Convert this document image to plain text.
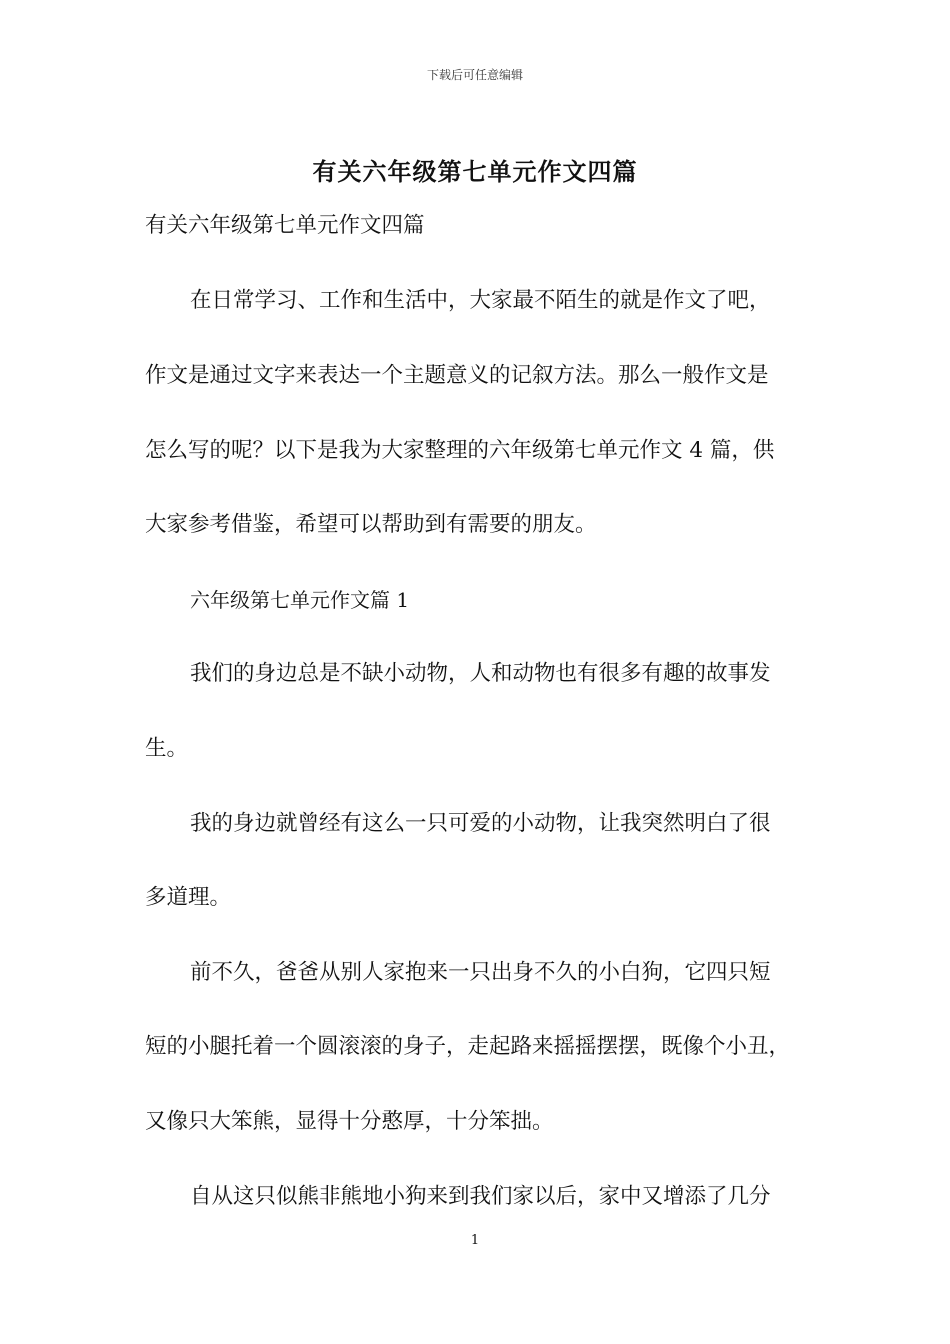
下载后可任意编辑
有关六年级第七单元作文四篇
有关六年级第七单元作文四篇
在日常学习、工作和生活中，大家最不陌生的就是作文了吧，
作文是通过文字来表达一个主题意义的记叙方法。那么一般作文是
怎么写的呢？以下是我为大家整理的六年级第七单元作文 4 篇，供
大家参考借鉴，希望可以帮助到有需要的朋友。
六年级第七单元作文篇 1
我们的身边总是不缺小动物，人和动物也有很多有趣的故事发
生。
我的身边就曾经有这么一只可爱的小动物，让我突然明白了很
多道理。
前不久，爸爸从别人家抱来一只出身不久的小白狗，它四只短
短的小腿托着一个圆滚滚的身子，走起路来摇摇摆摆，既像个小丑，
又像只大笨熊，显得十分憨厚，十分笨拙。
自从这只似熊非熊地小狗来到我们家以后，家中又增添了几分
1
